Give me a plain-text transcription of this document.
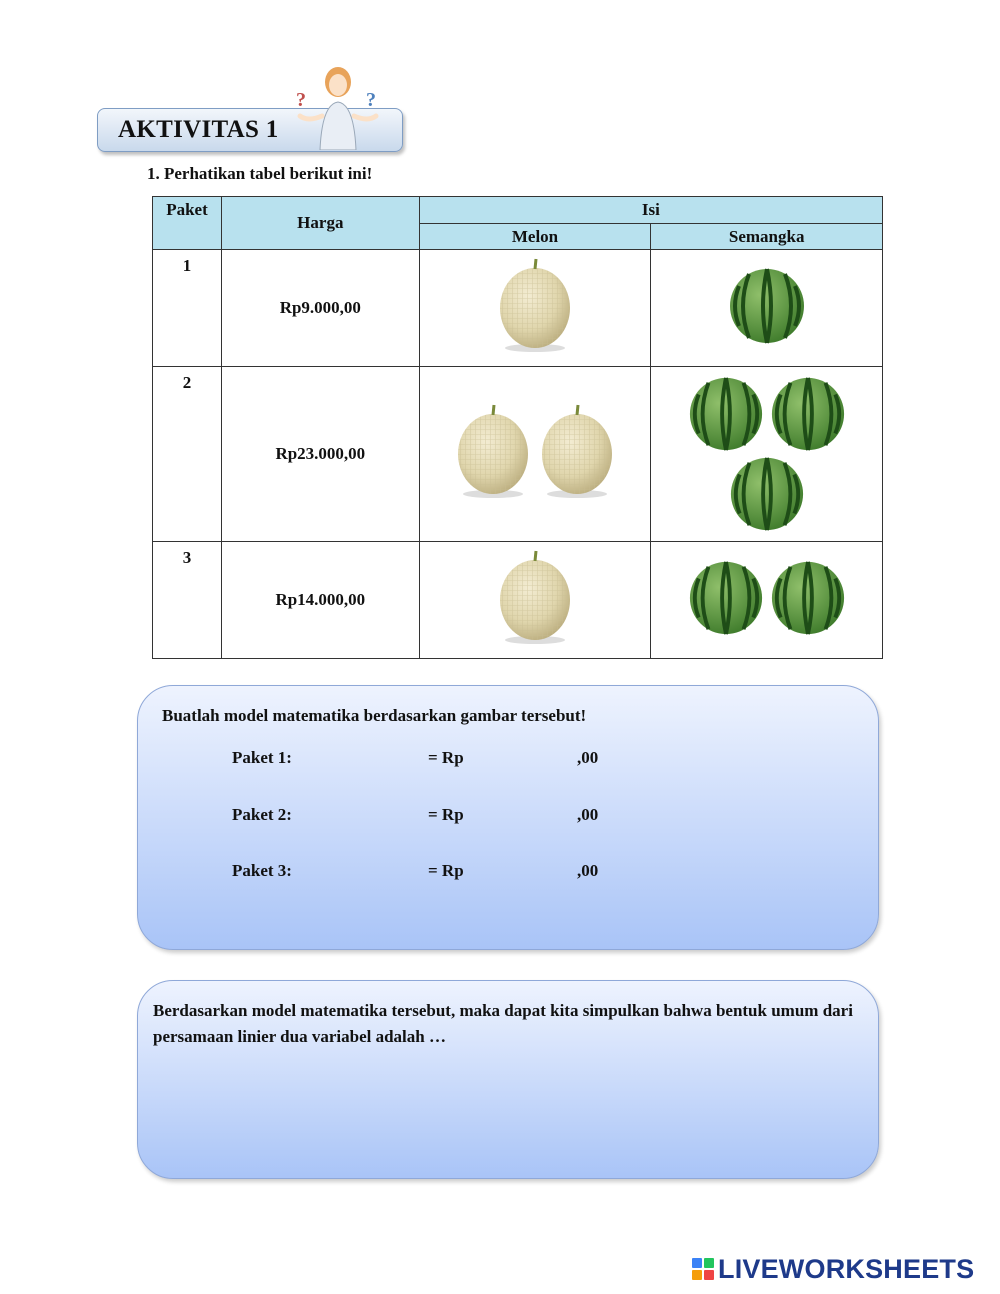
AKTIVITAS 1
?	?
1. Perhatikan tabel berikut ini!
Paket	Harga	Isi	
		Melon	Semangka
1	Rp9.000,00		
2	Rp23.000,00		

3	Rp14.000,00		
Buatlah model matematika berdasarkan gambar tersebut!
Paket 1:	= Rp	,00
Paket 2:	= Rp	,00
Paket 3:	= Rp	,00
Berdasarkan model matematika tersebut, maka dapat kita simpulkan bahwa bentuk umum dari persamaan linier dua variabel adalah …
LIVEWORKSHEETS
